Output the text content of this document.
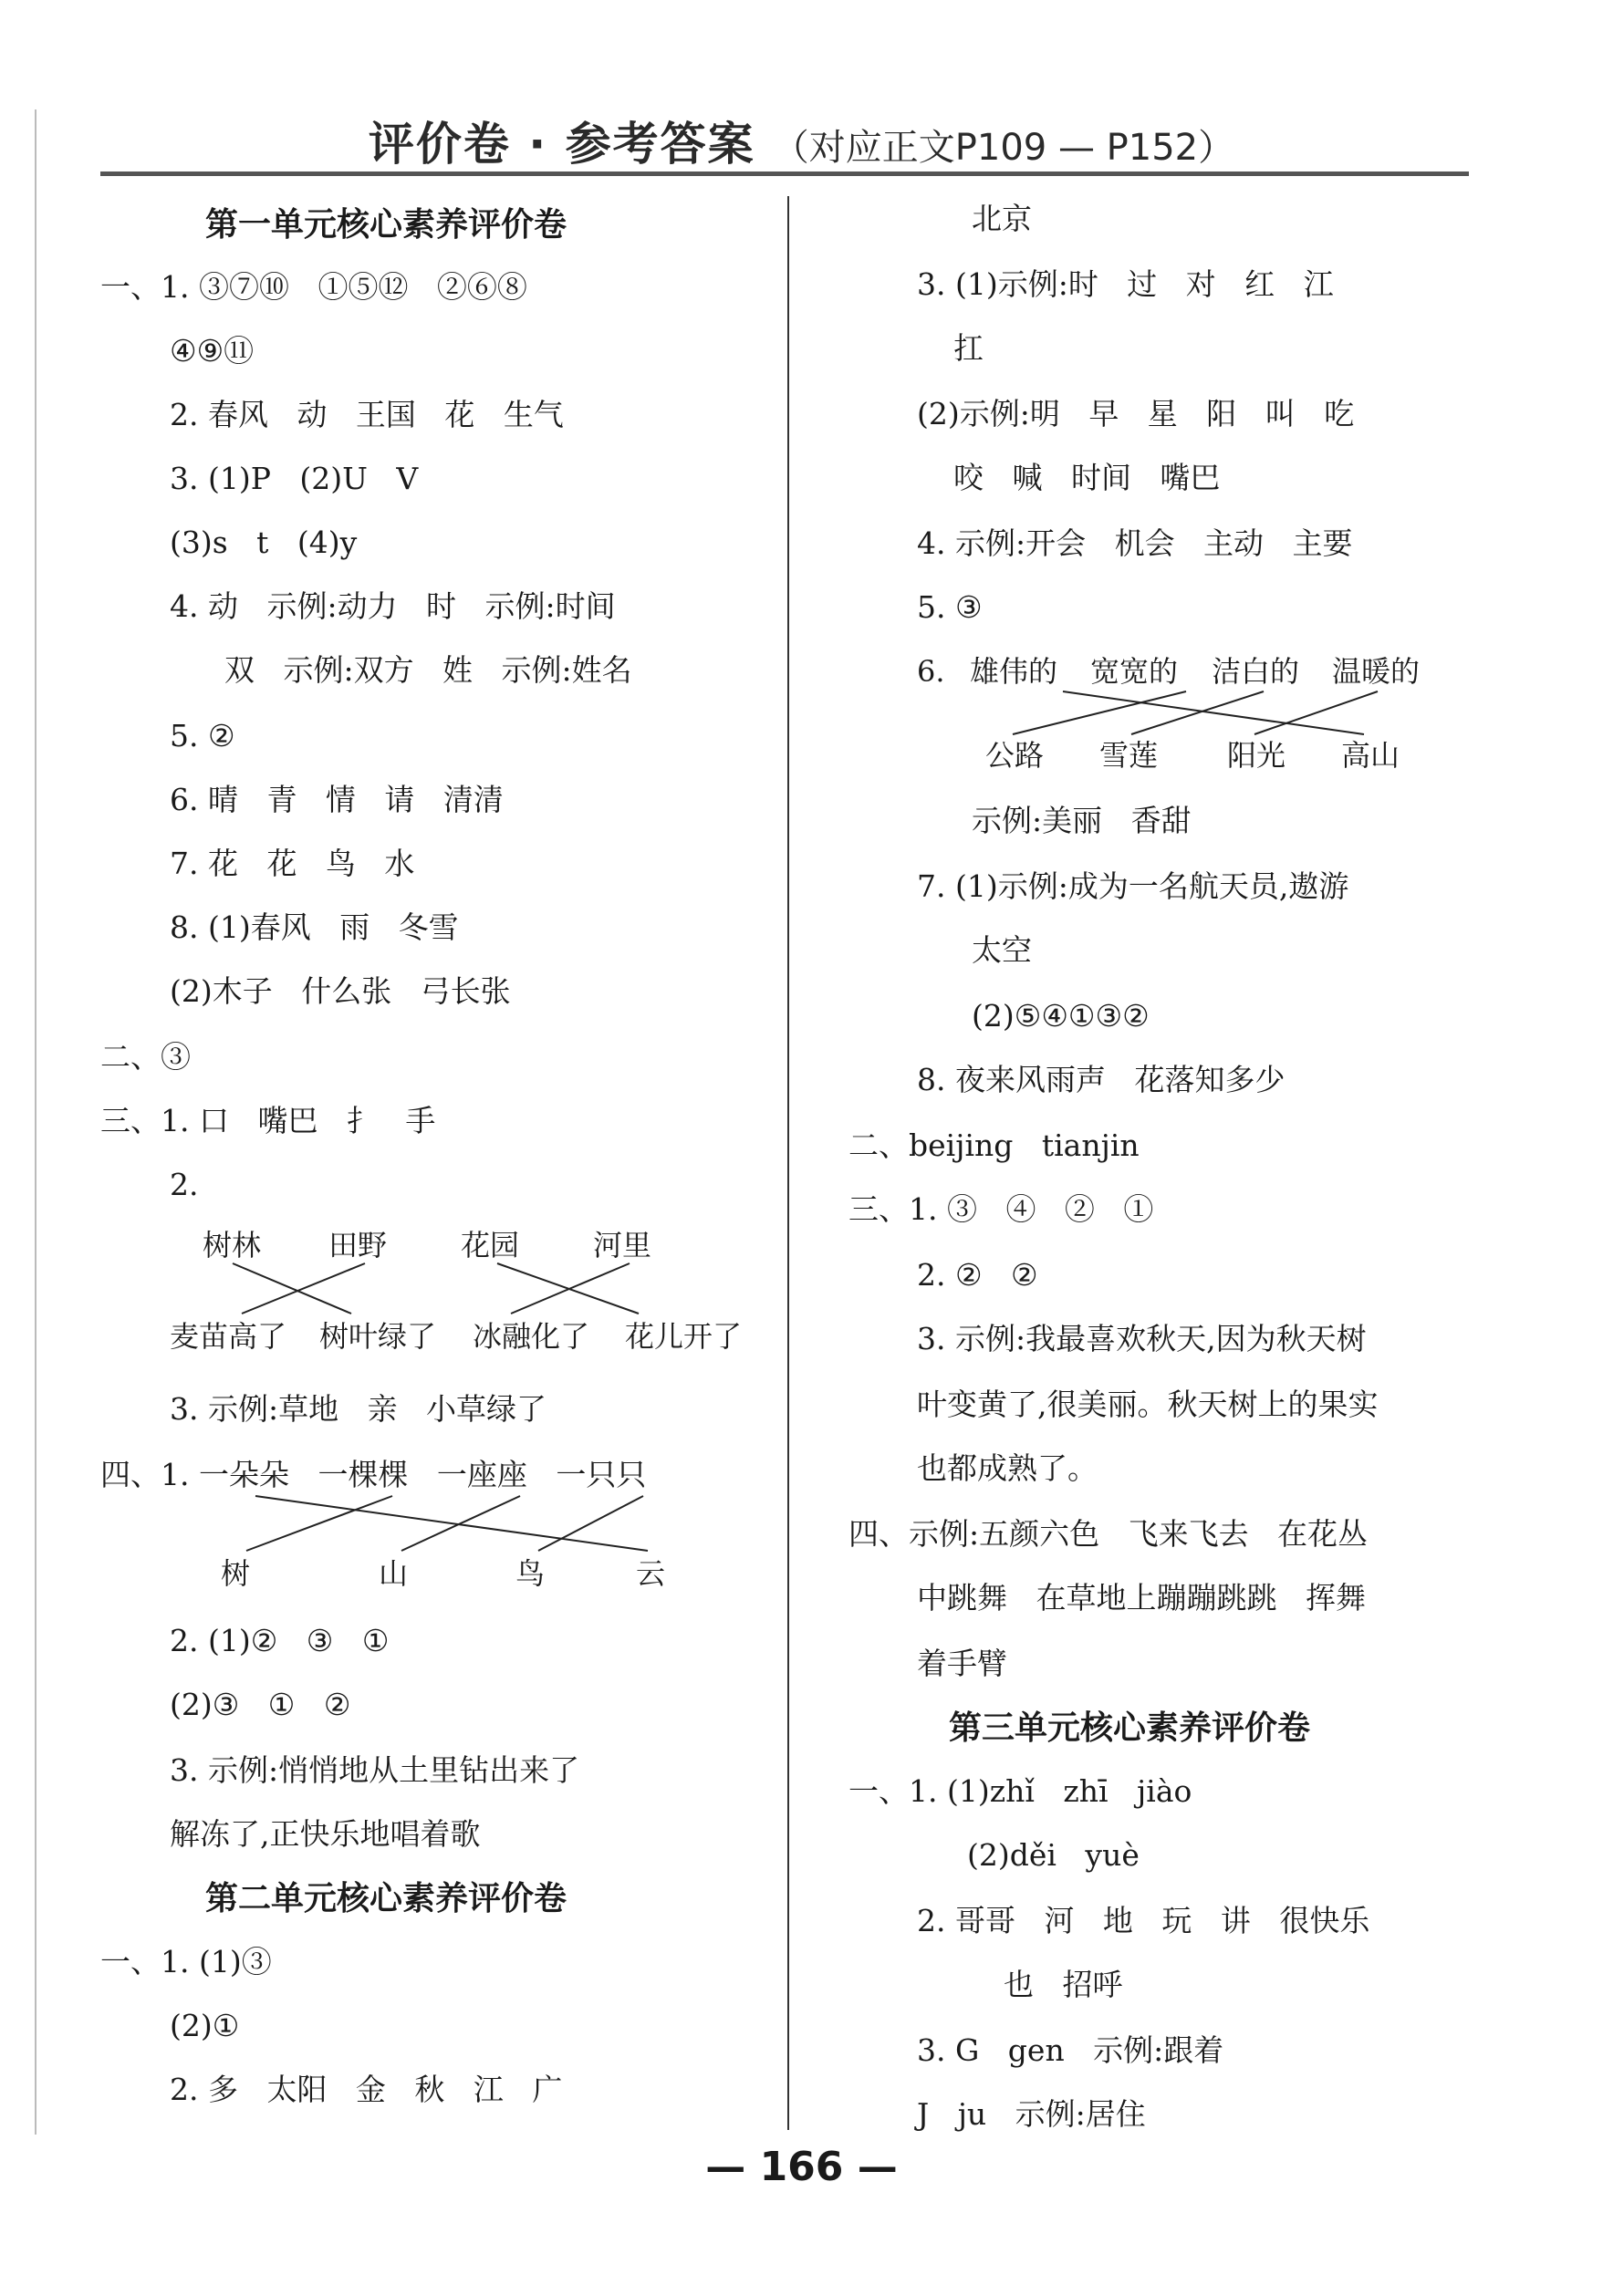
评价卷 · 参考答案 （对应正文P109 — P152）
第一单元核心素养评价卷
一、1. ③⑦⑩   ①⑤⑫   ②⑥⑧
④⑨⑪
2. 春风   动   王国   花   生气
3. (1)P   (2)U   V
(3)s   t   (4)y
4. 动   示例:动力   时   示例:时间
双   示例:双方   姓   示例:姓名
5. ②
6. 晴   青   情   请   清清
7. 花   花   鸟   水
8. (1)春风   雨   冬雪
(2)木子   什么张   弓长张
二、③
三、1. 口   嘴巴   扌   手
2.
树林 田野	花园	河里
麦苗高了 树叶绿了 冰融化了 花儿开了
3. 示例:草地   亲   小草绿了
四、1. 一朵朵   一棵棵   一座座   一只只
树	山	鸟	云
2. (1)②   ③   ①
(2)③   ①   ②
3. 示例:悄悄地从土里钻出来了
解冻了,正快乐地唱着歌
第二单元核心素养评价卷
一、1. (1)③
(2)①
2. 多   太阳   金   秋   江   广
北京
3. (1)示例:时   过   对   红   江
扛
(2)示例:明   早   星   阳   叫   吃
咬   喊   时间   嘴巴
4. 示例:开会   机会   主动   主要
5. ③
6. 雄伟的 宽宽的 洁白的 温暖的
公路 雪莲 阳光 高山
示例:美丽   香甜
7. (1)示例:成为一名航天员,遨游
太空
(2)⑤④①③②
8. 夜来风雨声   花落知多少
二、beijing   tianjin
三、1. ③   ④   ②   ①
2. ②   ②
3. 示例:我最喜欢秋天,因为秋天树
叶变黄了,很美丽。秋天树上的果实
也都成熟了。
四、示例:五颜六色   飞来飞去   在花丛
中跳舞   在草地上蹦蹦跳跳   挥舞
着手臂
第三单元核心素养评价卷
一、1. (1)zhǐ   zhī   jiào
(2)děi   yuè
2. 哥哥   河   地   玩   讲   很快乐
也   招呼
3. G   gen   示例:跟着
J   ju   示例:居住
— 166 —
